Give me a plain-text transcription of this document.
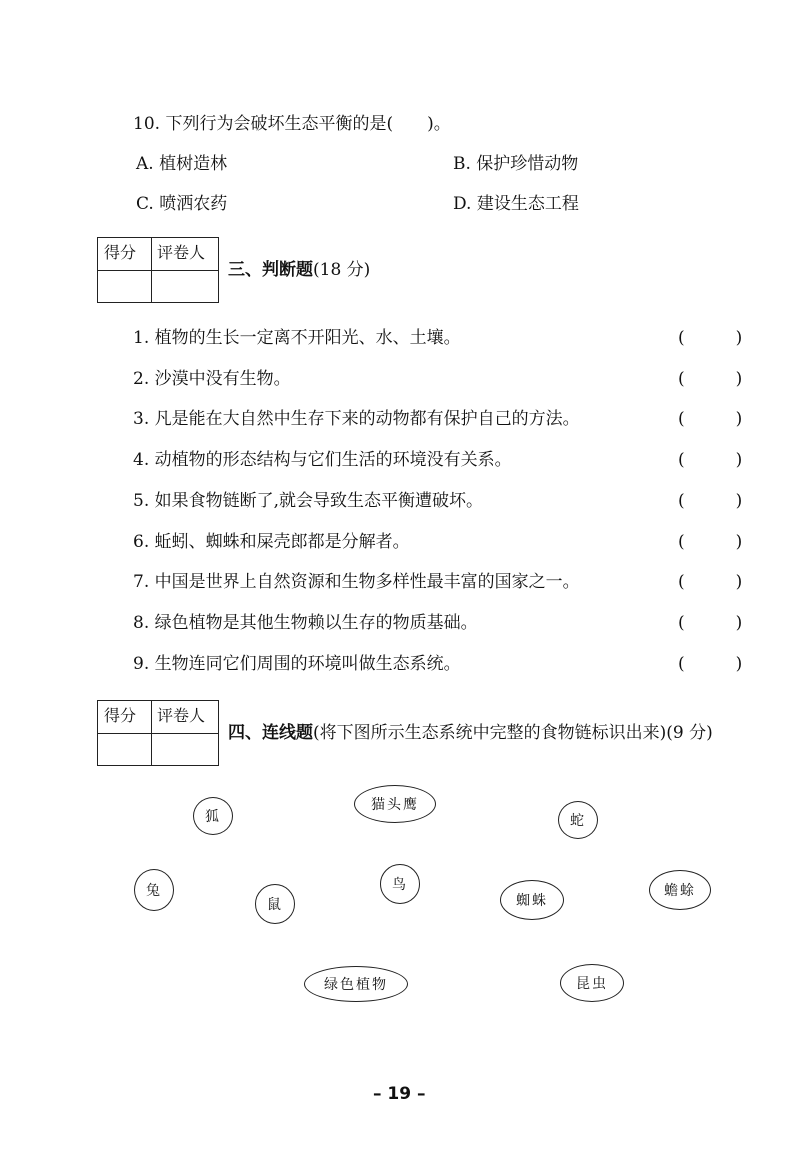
10. 下列行为会破坏生态平衡的是(　　)。
A. 植树造林	B. 保护珍惜动物
C. 喷洒农药	D. 建设生态工程
得分 评卷人
三、判断题(18 分)
1. 植物的生长一定离不开阳光、水、土壤。	(　　　)
2. 沙漠中没有生物。	(　　　)
3. 凡是能在大自然中生存下来的动物都有保护自己的方法。	(　　　)
4. 动植物的形态结构与它们生活的环境没有关系。	(　　　)
5. 如果食物链断了,就会导致生态平衡遭破坏。	(　　　)
6. 蚯蚓、蜘蛛和屎壳郎都是分解者。	(　　　)
7. 中国是世界上自然资源和生物多样性最丰富的国家之一。	(　　　)
8. 绿色植物是其他生物赖以生存的物质基础。	(　　　)
9. 生物连同它们周围的环境叫做生态系统。	(　　　)
得分 评卷人
四、连线题(将下图所示生态系统中完整的食物链标识出来)(9 分)
狐
猫头鹰
蛇
兔
鼠
鸟
蜘蛛
蟾蜍
绿色植物	昆虫
– 19 –
